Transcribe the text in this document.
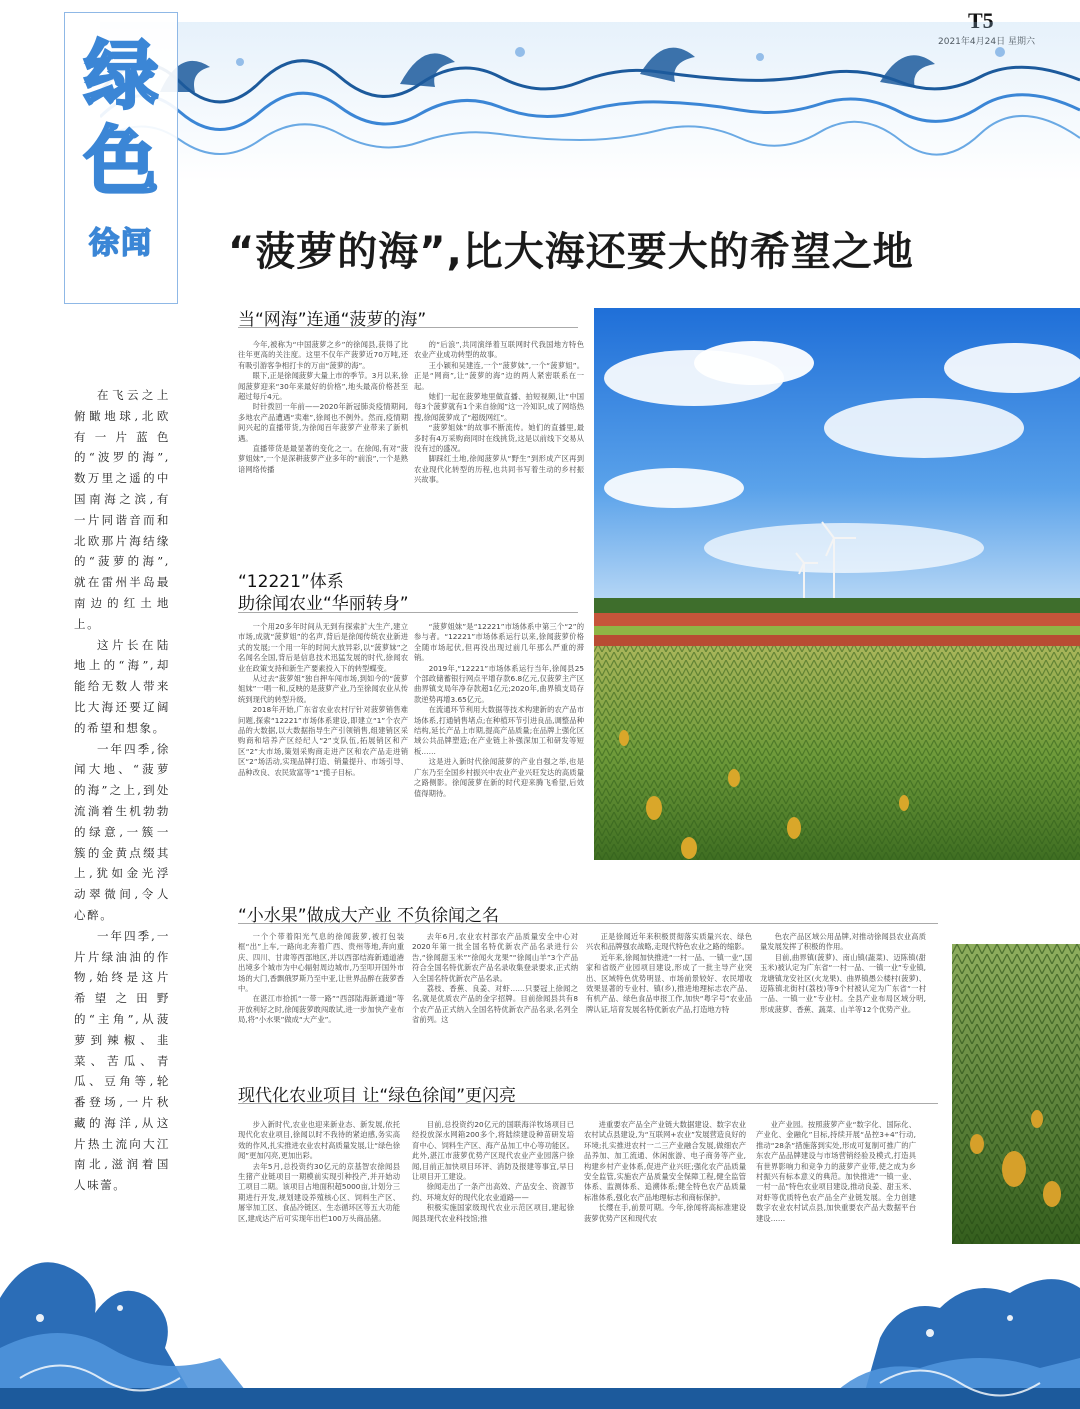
T5
2021年4月24日 星期六
绿
色
徐闻	“菠萝的海”,比大海还要大的希望之地

在飞云之上俯瞰地球,北欧有一片蓝色的“波罗的海”,数万里之遥的中国南海之滨,有一片同谐音而和北欧那片海结缘的“菠萝的海”,就在雷州半岛最南边的红土地上。

这片长在陆地上的“海”,却能给无数人带来比大海还要辽阔的希望和想象。

一年四季,徐闻大地、“菠萝的海”之上,到处流淌着生机勃勃的绿意,一簇一簇的金黄点缀其上,犹如金光浮动翠微间,令人心醉。

一年四季,一片片绿油油的作物,始终是这片希望之田野的“主角”,从菠萝到辣椒、韭菜、苦瓜、青瓜、豆角等,轮番登场,一片秋藏的海洋,从这片热土流向大江南北,滋润着国人味蕾。

当“网海”连通“菠萝的海”

今年,被称为“中国菠萝之乡”的徐闻县,获得了比往年更高的关注度。这里不仅年产菠萝近70万吨,还有吸引游客争相打卡的万亩“菠萝的海”。

眼下,正是徐闻菠萝大量上市的季节。3月以来,徐闻菠萝迎来“30年来最好的价格”,地头最高价格甚至超过每斤4元。

时针拨回一年前——2020年新冠肺炎疫情期间,多地农产品遭遇“卖难”,徐闻也不例外。然而,疫情期间兴起的直播带货,为徐闻百年菠萝产业带来了新机遇。

直播带货是最显著的变化之一。在徐闻,有对“菠萝姐妹”,一个是深耕菠萝产业多年的“前浪”,一个是熟谙网络传播

的“后浪”,共同演绎着互联网时代我国地方特色农业产业成功转型的故事。

王小颖和吴建连,一个“菠萝妹”,一个“菠萝姐”。正是“网商”,让“菠萝的海”边的两人紧密联系在一起。

她们一起在菠萝地里做直播、拍短视频,让“中国每3个菠萝就有1个来自徐闻”这一冷知识,成了网络热搜,徐闻菠萝成了“超级网红”。

“菠萝姐妹”的故事不断流传。她们的直播里,最多时有4万采购商同时在线挑货,这是以前线下交易从没有过的盛况。

脚踩红土地,徐闻菠萝从“野生”到形成产区再到农业现代化转型的历程,也共同书写着生动的乡村振兴故事。

“12221”体系
助徐闻农业“华丽转身”

一个用20多年时间从无到有探索扩大生产,建立市场,成就“菠萝姐”的名声,背后是徐闻传统农业新进式的发展;一个用一年的时间大放异彩,以“菠萝妹”之名闻名全国,背后是信息技术迅猛发展的时代,徐闻农业在政策支持和新生产要素投入下的转型蝶变。

从过去“菠萝姐”独自押车闯市场,到如今的“菠萝姐妹”一唱一和,反映的是菠萝产业,乃至徐闻农业从传统到现代的转型升级。

2018年开始,广东省农业农村厅针对菠萝销售难问题,探索“12221”市场体系建设,即建立“1”个农产品的大数据,以大数据指导生产引领销售,组建销区采购商和培养产区经纪人“2”支队伍,拓展销区和产区“2”大市场,策划采购商走进产区和农产品走进销区“2”场活动,实现品牌打造、销量提升、市场引导、品种改良、农民致富等“1”揽子目标。

“菠萝姐妹”是“12221”市场体系中第三个“2”的参与者。“12221”市场体系运行以来,徐闻菠萝价格全随市场起伏,但再没出现过前几年那么严重的滞销。

2019年,“12221”市场体系运行当年,徐闻县25个部政储蓄银行网点平增存款6.8亿元,仅菠萝主产区曲界镇支局年净存款超1亿元;2020年,曲界镇支局存款逆势再增3.65亿元。

在流通环节利用大数据等技术构建新的农产品市场体系,打通销售堵点;在种植环节引进良品,调整品种结构,延长产品上市期,提高产品质量;在品牌上强化区域公共品牌塑造;在产业链上补强深加工和研发等短板……

这是进入新时代徐闻菠萝的产业自强之举,也是广东乃至全国乡村振兴中农业产业兴旺发达的高质量之路侧影。徐闻菠萝在新的时代迎来腾飞希望,后效值得期待。

“小水果”做成大产业 不负徐闻之名

一个个带着阳光气息的徐闻菠萝,被打包装框“出”上车,一路向北奔着广西、贵州等地,奔向重庆、四川、甘肃等西部地区,并以西部结海新通道港出境多个城市为中心辐射周边城市,乃至叩开国外市场的大门,香飘俄罗斯乃至中亚,让世界品醉在菠萝香中。

在湛江市拾抓“一带一路”“西部陆海新通道”等开放利好之时,徐闻菠萝敢闯敢试,进一步加快产业布局,将“小水果”做成“大产业”。

去年6月,农业农村部农产品质量安全中心对2020年第一批全国名特优新农产品名录进行公告,“徐闻甜玉米”“徐闻火龙果”“徐闻山羊”3个产品符合全国名特优新农产品名录收集登录要求,正式纳入全国名特优新农产品名录。

荔枝、香蕉、良姜、对虾……只要冠上徐闻之名,就是优质农产品的金字招牌。目前徐闻县共有8个农产品正式纳入全国名特优新农产品名录,名列全省前列。这

正是徐闻近年来积极贯彻落实质量兴农、绿色兴农和品牌强农战略,走现代特色农业之路的缩影。

近年来,徐闻加快推进“一村一品、一镇一业”,国家和省级产业园项目建设,形成了一批主导产业突出、区域特色优势明显、市场前景较好、农民增收效果显著的专业村、镇(乡),推进地理标志农产品、有机产品、绿色食品申报工作,加快“粤字号”农业品牌认证,培育发展名特优新农产品,打造地方特

色农产品区域公用品牌,对推动徐闻县农业高质量发展发挥了积极的作用。

目前,曲界镇(菠萝)、南山镇(蔬菜)、迈陈镇(甜玉米)被认定为广东省“一村一品、一镇一业”专业镇,龙塘镇龙安社区(火龙果)、曲界镇愚公楼村(菠萝)、迈陈镇北街村(荔枝)等9个村被认定为广东省“一村一品、一镇一业”专业村。全县产业布局区域分明,形成菠萝、香蕉、蔬菜、山羊等12个优势产业。

现代化农业项目 让“绿色徐闻”更闪亮

步入新时代,农业也迎来新业态、新发展,依托现代化农业项目,徐闻以时不我待的紧迫感,务实高效的作风,扎实推进农业农村高质量发展,让“绿色徐闻”更加闪亮,更加出彩。

去年5月,总投资约30亿元的京基智农徐闻县生猪产业链项目一期模前实现引种投产,并开始动工项目二期。该项目占地面积超5000亩,计划分三期进行开发,规划建设养殖核心区、饲料生产区、屠宰加工区、食品冷链区、生态循环区等五大功能区,建成达产后可实现年出栏100万头商品猪。

目前,总投资约20亿元的国联海洋牧场项目已经投放深水网箱200多个,将陆续建设种苗研发培育中心、饲料生产区、海产品加工中心等功能区。此外,湛江市菠萝优势产区现代农业产业园落户徐闻,目前正加快项目环评、消防及报建等事宜,早日让项目开工建设。

徐闻走出了一条产出高效、产品安全、资源节约、环境友好的现代化农业道路——

积极实施国家级现代农业示范区项目,建起徐闻县现代农业科技馆;推

进重要农产品全产业链大数据建设、数字农业农村试点县建设,为“互联网+农业”发展营造良好的环境;扎实推进农村一二三产业融合发展,做细农产品养加、加工流通、休闲旅游、电子商务等产业,构建乡村产业体系,促进产业兴旺;强化农产品质量安全监管,实施农产品质量安全保障工程,健全监管体系、监测体系、追溯体系;健全特色农产品质量标准体系,强化农产品地理标志和商标保护。

长缨在手,前景可期。今年,徐闻将高标准建设菠萝优势产区和现代农

业产业园。按照菠萝产业“数字化、国际化、产业化、金融化”目标,持续开展“品控3+4”行动,推动“28条”措施落到实处,形成可复制可推广的广东农产品品牌建设与市场营销经验及模式,打造具有世界影响力和竞争力的菠萝产业带,使之成为乡村振兴有标本意义的典范。加快推进“一镇一业、一村一品”特色农业项目建设,推动良姜、甜玉米、对虾等优质特色农产品全产业链发展。全力创建数字农业农村试点县,加快重要农产品大数据平台建设……
